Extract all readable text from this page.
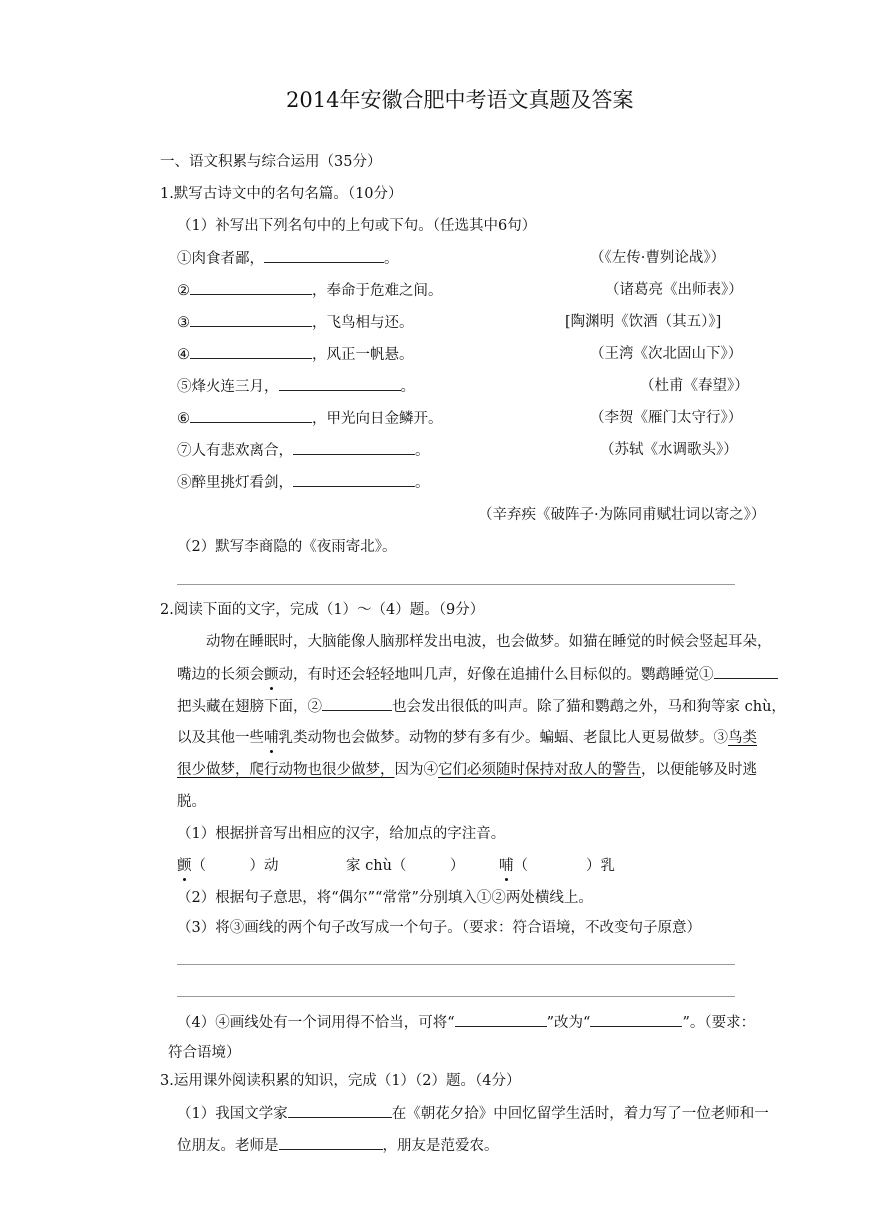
2014年安徽合肥中考语文真题及答案
一、语文积累与综合运用（35分）
1.默写古诗文中的名句名篇。（10分）
（1）补写出下列名句中的上句或下句。（任选其中6句）
①肉食者鄙，	。	（《左传·曹刿论战》）
②	，奉命于危难之间。	（诸葛亮《出师表》）
③	，飞鸟相与还。	[陶渊明《饮酒（其五）》]
④	，风正一帆悬。	（王湾《次北固山下》）
⑤烽火连三月，	。	（杜甫《春望》）
⑥	，甲光向日金鳞开。	（李贺《雁门太守行》）
⑦人有悲欢离合，	。	（苏轼《水调歌头》）
⑧醉里挑灯看剑，	。
（辛弃疾《破阵子·为陈同甫赋壮词以寄之》）
（2）默写李商隐的《夜雨寄北》。
2.阅读下面的文字，完成（1）～（4）题。（9分）
动物在睡眠时，大脑能像人脑那样发出电波，也会做梦。如猫在睡觉的时候会竖起耳朵，
嘴边的长须会颤动，有时还会轻轻地叫几声，好像在追捕什么目标似的。鹦鹉睡觉①
把头藏在翅膀下面，②	也会发出很低的叫声。除了猫和鹦鹉之外，马和狗等家 chù，
以及其他一些哺乳类动物也会做梦。动物的梦有多有少。蝙蝠、老鼠比人更易做梦。③鸟类
很少做梦，爬行动物也很少做梦，因为④它们必须随时保持对敌人的警告，以便能够及时逃
脱。
（1）根据拼音写出相应的汉字，给加点的字注音。
颤（　　　）动	家 chù（　　　） 哺（　　　　）乳
（2）根据句子意思，将“偶尔”“常常”分别填入①②两处横线上。
（3）将③画线的两个句子改写成一个句子。（要求：符合语境，不改变句子原意）
（4）④画线处有一个词用得不恰当，可将“	”改为“	”。（要求：
符合语境）
3.运用课外阅读积累的知识，完成（1）（2）题。（4分）
（1）我国文学家	在《朝花夕拾》中回忆留学生活时，着力写了一位老师和一
位朋友。老师是	，朋友是范爱农。
